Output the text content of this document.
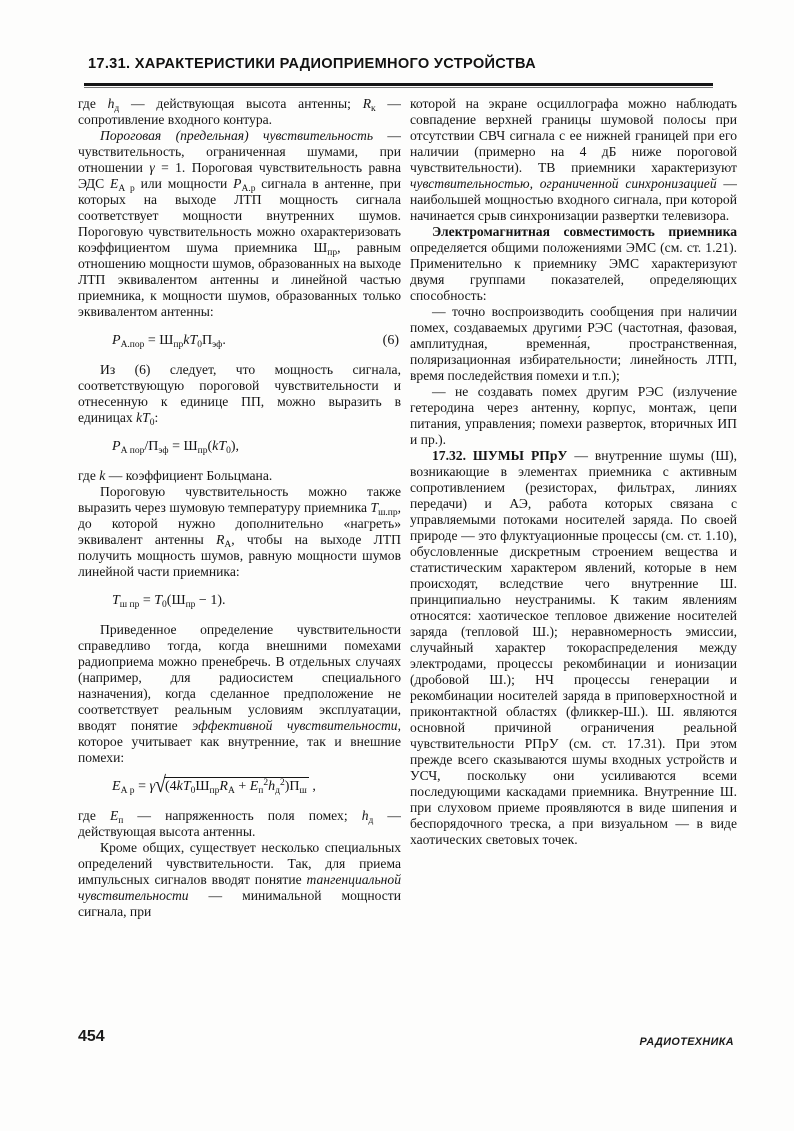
17.31. ХАРАКТЕРИСТИКИ РАДИОПРИЕМНОГО УСТРОЙСТВА

где $h_д$ — действующая высота антенны; $R_к$ — сопротивление входного контура.

Пороговая (предельная) чувствительность — чувствительность, ограниченная шумами, при отношении γ = 1. Пороговая чувствительность равна ЭДС $E_{А р}$ или мощности $P_{А.р}$ сигнала в антенне, при которых на выходе ЛТП мощность сигнала соответствует мощности внутренних шумов. Пороговую чувствительность можно охарактеризовать коэффициентом шума приемника $Ш_{пр}$, равным отношению мощности шумов, образованных на выходе ЛТП эквивалентом антенны и линейной частью приемника, к мощности шумов, образованных только эквивалентом антенны:

$P_{А.пор} = Ш_{пр}kT_0П_{эф}$.	(6)

Из (6) следует, что мощность сигнала, соответствующую пороговой чувствительности и отнесенную к единице ПП, можно выразить в единицах $kT_0$:

$P_{А пор}/П_{эф} = Ш_{пр}(kT_0)$,

где k — коэффициент Больцмана.

Пороговую чувствительность можно также выразить через шумовую температуру приемника $T_{ш.пр}$, до которой нужно дополнительно «нагреть» эквивалент антенны $R_А$, чтобы на выходе ЛТП получить мощность шумов, равную мощности шумов линейной части приемника:

$T_{ш пр} = T_0(Ш_{пр} - 1)$.

Приведенное определение чувствительности справедливо тогда, когда внешними помехами радиоприема можно пренебречь. В отдельных случаях (например, для радиосистем специального назначения), когда сделанное предположение не соответствует реальным условиям эксплуатации, вводят понятие эффективной чувствительности, которое учитывает как внутренние, так и внешние помехи:

$E_{А р} = \gamma√(4kT_0Ш_{пр}R_А + E_п^2h_д^2)П_ш$ ,

где $E_п$ — напряженность поля помех; $h_д$ — действующая высота антенны.

Кроме общих, существует несколько специальных определений чувствительности. Так, для приема импульсных сигналов вводят понятие тангенциальной чувствительности — минимальной мощности сигнала, при

которой на экране осциллографа можно наблюдать совпадение верхней границы шумовой полосы при отсутствии СВЧ сигнала с ее нижней границей при его наличии (примерно на 4 дБ ниже пороговой чувствительности). ТВ приемники характеризуют чувствительностью, ограниченной синхронизацией — наибольшей мощностью входного сигнала, при которой начинается срыв синхронизации развертки телевизора.

Электромагнитная совместимость приемника определяется общими положениями ЭМС (см. ст. 1.21). Применительно к приемнику ЭМС характеризуют двумя группами показателей, определяющих способность:

— точно воспроизводить сообщения при наличии помех, создаваемых другими РЭС (частотная, фазовая, амплитудная, временна́я, пространственная, поляризационная избирательности; линейность ЛТП, время последействия помехи и т.п.);

— не создавать помех другим РЭС (излучение гетеродина через антенну, корпус, монтаж, цепи питания, управления; помехи разверток, вторичных ИП и пр.).

17.32. ШУМЫ РПрУ — внутренние шумы (Ш), возникающие в элементах приемника с активным сопротивлением (резисторах, фильтрах, линиях передачи) и АЭ, работа которых связана с управляемыми потоками носителей заряда. По своей природе — это флуктуационные процессы (см. ст. 1.10), обусловленные дискретным строением вещества и статистическим характером явлений, которые в нем происходят, вследствие чего внутренние Ш. принципиально неустранимы. К таким явлениям относятся: хаотическое тепловое движение носителей заряда (тепловой Ш.); неравномерность эмиссии, случайный характер токораспределения между электродами, процессы рекомбинации и ионизации (дробовой Ш.); НЧ процессы генерации и рекомбинации носителей заряда в приповерхностной и приконтактной областях (фликкер-Ш.). Ш. являются основной причиной ограничения реальной чувствительности РПрУ (см. ст. 17.31). При этом прежде всего сказываются шумы входных устройств и УСЧ, поскольку они усиливаются всеми последующими каскадами приемника. Внутренние Ш. при слуховом приеме проявляются в виде шипения и беспорядочного треска, а при визуальном — в виде хаотических световых точек.

454	РАДИОТЕХНИКА
